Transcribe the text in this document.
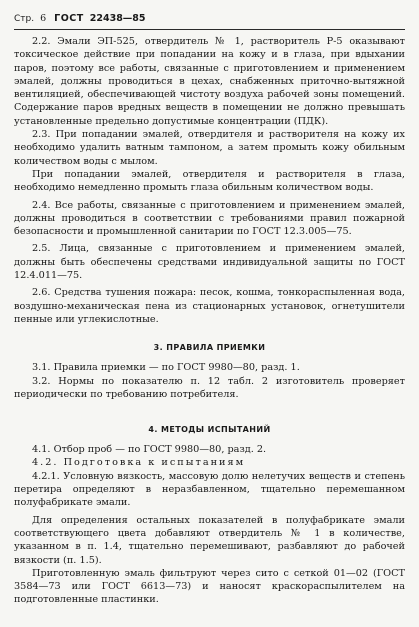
Стр. 6 ГОСТ 22438—85

2.2. Эмали ЭП-525, отвердитель № 1, растворитель Р-5 оказывают токсическое действие при попадании на кожу и в глаза, при вдыхании паров, поэтому все работы, связанные с приготовлением и применением эмалей, должны проводиться в цехах, снабженных приточно-вытяжной вентиляцией, обеспечивающей чистоту воздуха рабочей зоны помещений. Содержание паров вредных веществ в помещении не должно превышать установленные предельно допустимые концентрации (ПДК).

2.3. При попадании эмалей, отвердителя и растворителя на кожу их необходимо удалить ватным тампоном, а затем промыть кожу обильным количеством воды с мылом.

При попадании эмалей, отвердителя и растворителя в глаза, необходимо немедленно промыть глаза обильным количеством воды.

2.4. Все работы, связанные с приготовлением и применением эмалей, должны проводиться в соответствии с требованиями правил пожарной безопасности и промышленной санитарии по ГОСТ 12.3.005—75.

2.5. Лица, связанные с приготовлением и применением эмалей, должны быть обеспечены средствами индивидуальной защиты по ГОСТ 12.4.011—75.

2.6. Средства тушения пожара: песок, кошма, тонкораспыленная вода, воздушно-механическая пена из стационарных установок, огнетушители пенные или углекислотные.

3. ПРАВИЛА ПРИЕМКИ

3.1. Правила приемки — по ГОСТ 9980—80, разд. 1.

3.2. Нормы по показателю п. 12 табл. 2 изготовитель проверяет периодически по требованию потребителя.

4. МЕТОДЫ ИСПЫТАНИЙ

4.1. Отбор проб — по ГОСТ 9980—80, разд. 2.

4.2. Подготовка к испытаниям

4.2.1. Условную вязкость, массовую долю нелетучих веществ и степень перетира определяют в неразбавленном, тщательно перемешанном полуфабрикате эмали.

Для определения остальных показателей в полуфабрикате эмали соответствующего цвета добавляют отвердитель № 1 в количестве, указанном в п. 1.4, тщательно перемешивают, разбавляют до рабочей вязкости (п. 1.5).

Приготовленную эмаль фильтруют через сито с сеткой 01—02 (ГОСТ 3584—73 или ГОСТ 6613—73) и наносят краскораспылителем на подготовленные пластинки.
